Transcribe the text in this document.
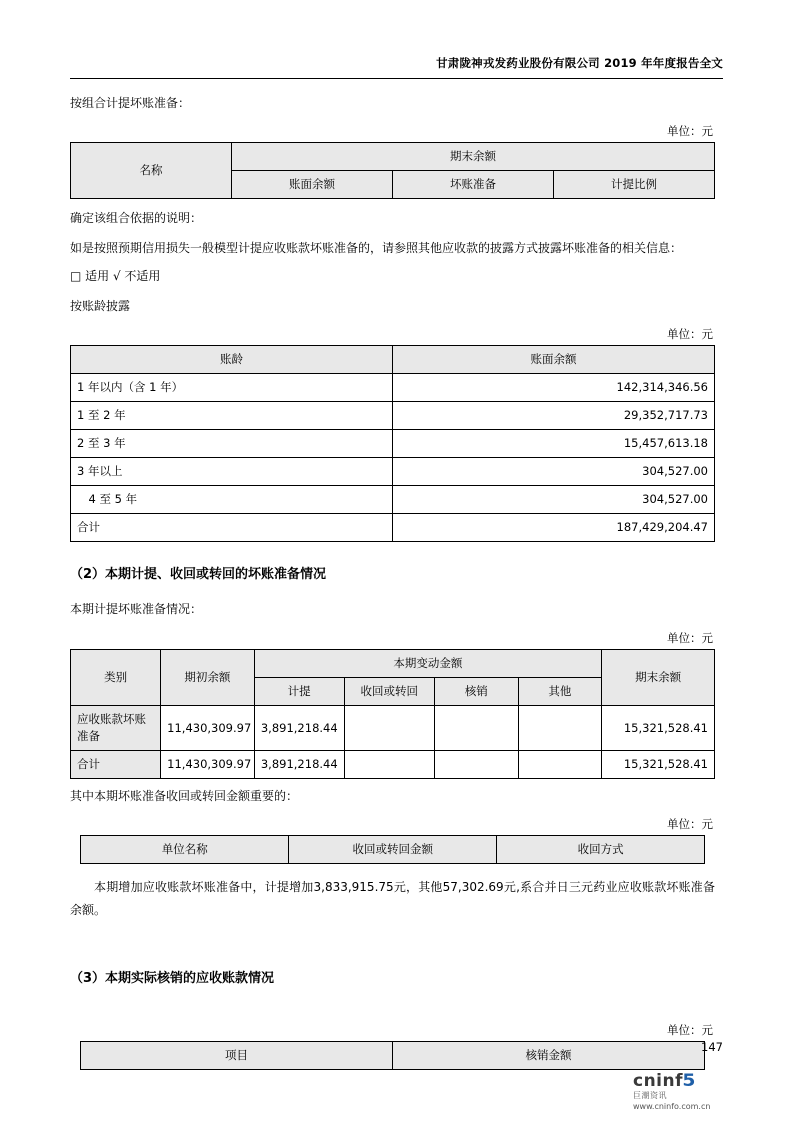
甘肃陇神戎发药业股份有限公司 2019 年年度报告全文

按组合计提坏账准备：

单位：元
名称	期末余额		
	账面余额	坏账准备	计提比例

确定该组合依据的说明：

如是按照预期信用损失一般模型计提应收账款坏账准备的，请参照其他应收款的披露方式披露坏账准备的相关信息：

□ 适用 √ 不适用

按账龄披露

单位：元
账龄	账面余额
1 年以内（含 1 年）	142,314,346.56
1 至 2 年	29,352,717.73
2 至 3 年	15,457,613.18
3 年以上	304,527.00
　4 至 5 年	304,527.00
合计	187,429,204.47
（2）本期计提、收回或转回的坏账准备情况

本期计提坏账准备情况：

单位：元
类别	期初余额	本期变动金额				期末余额
		计提	收回或转回	核销	其他	
应收账款坏账准备	11,430,309.97	3,891,218.44				15,321,528.41
合计	11,430,309.97	3,891,218.44				15,321,528.41

其中本期坏账准备收回或转回金额重要的：

单位：元
单位名称	收回或转回金额	收回方式

本期增加应收账款坏账准备中，计提增加3,833,915.75元，其他57,302.69元,系合并日三元药业应收账款坏账准备余额。

（3）本期实际核销的应收账款情况
单位：元
项目	核销金额
147
cninf5
巨潮资讯
www.cninfo.com.cn
